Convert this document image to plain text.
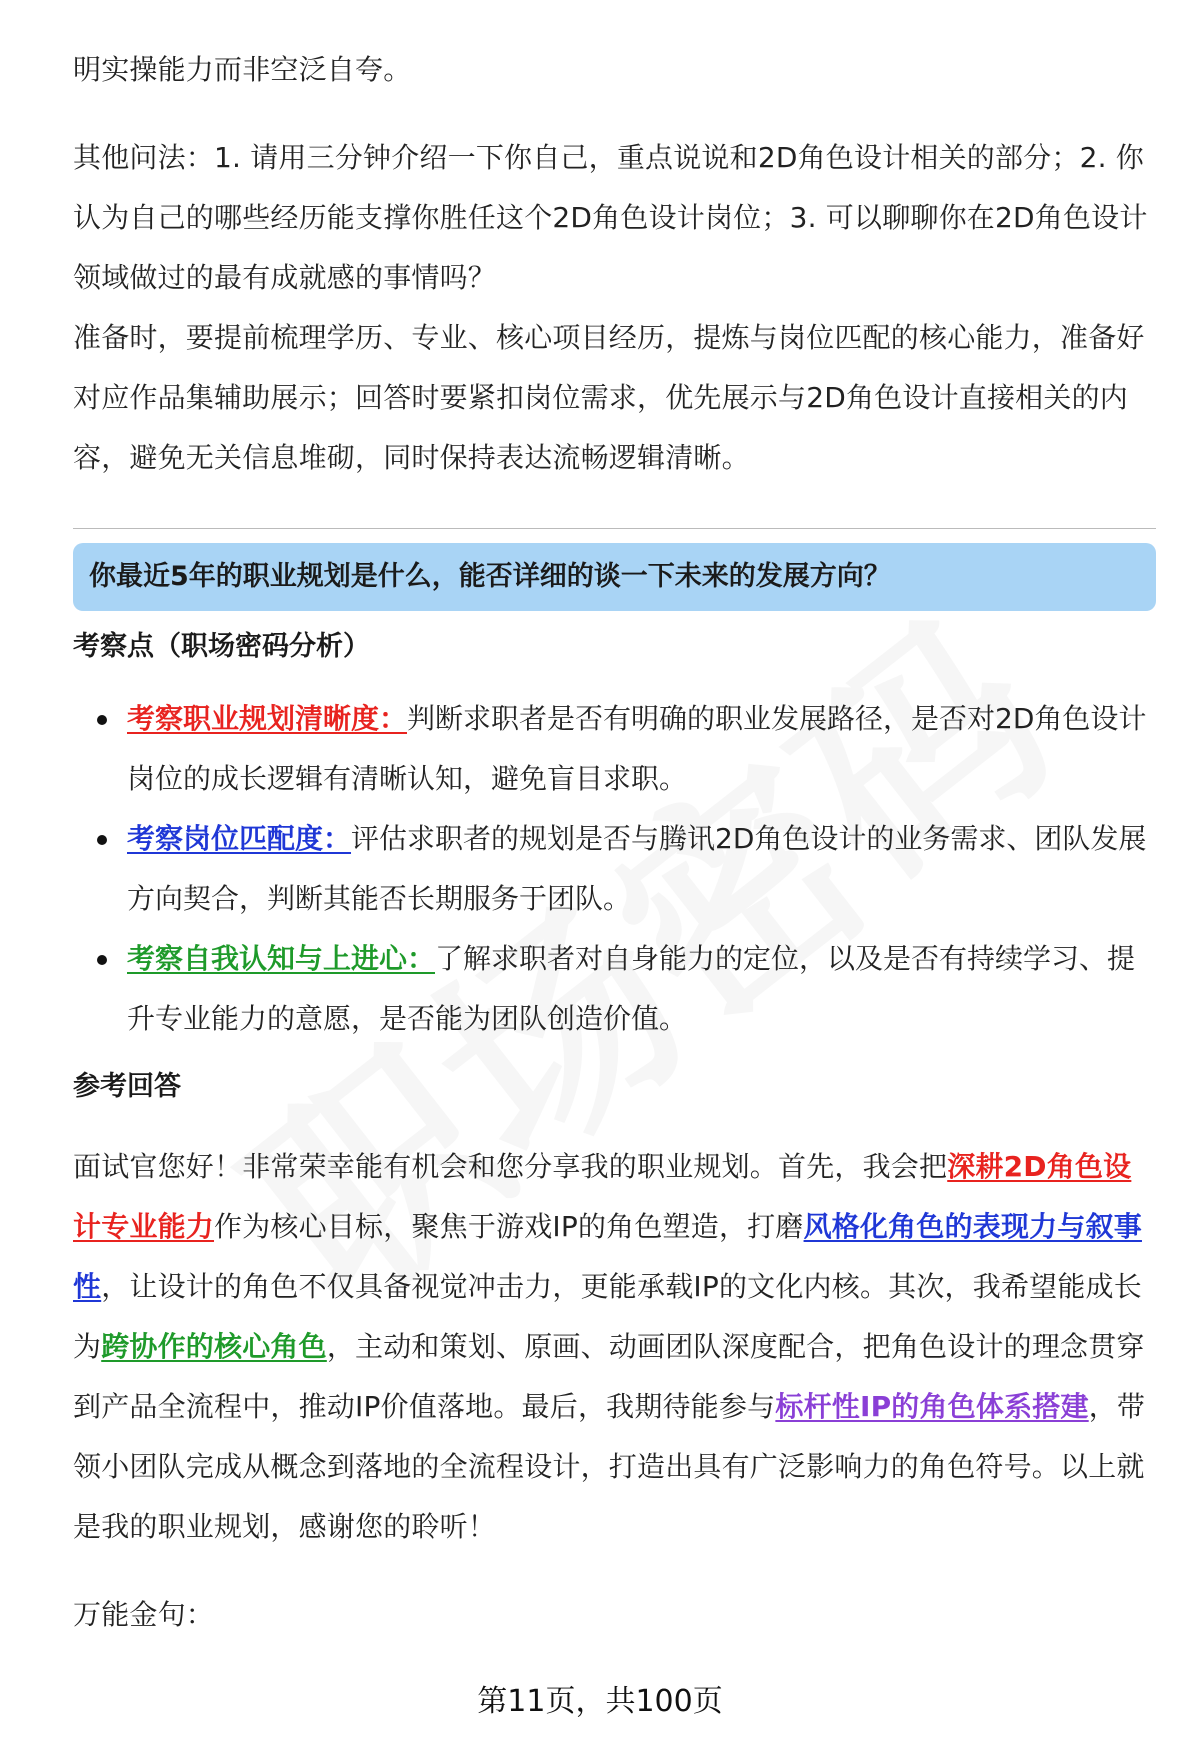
明实操能力而非空泛自夸。

其他问法：1. 请用三分钟介绍一下你自己，重点说说和2D角色设计相关的部分；2. 你认为自己的哪些经历能支撑你胜任这个2D角色设计岗位；3. 可以聊聊你在2D角色设计领域做过的最有成就感的事情吗？

准备时，要提前梳理学历、专业、核心项目经历，提炼与岗位匹配的核心能力，准备好对应作品集辅助展示；回答时要紧扣岗位需求，优先展示与2D角色设计直接相关的内容，避免无关信息堆砌，同时保持表达流畅逻辑清晰。

你最近5年的职业规划是什么，能否详细的谈一下未来的发展方向？
考察点（职场密码分析）
考察职业规划清晰度：判断求职者是否有明确的职业发展路径，是否对2D角色设计岗位的成长逻辑有清晰认知，避免盲目求职。
考察岗位匹配度：评估求职者的规划是否与腾讯2D角色设计的业务需求、团队发展方向契合，判断其能否长期服务于团队。
考察自我认知与上进心：了解求职者对自身能力的定位，以及是否有持续学习、提升专业能力的意愿，是否能为团队创造价值。
参考回答

面试官您好！非常荣幸能有机会和您分享我的职业规划。首先，我会把深耕2D角色设计专业能力作为核心目标，聚焦于游戏IP的角色塑造，打磨风格化角色的表现力与叙事性，让设计的角色不仅具备视觉冲击力，更能承载IP的文化内核。其次，我希望能成长为跨协作的核心角色，主动和策划、原画、动画团队深度配合，把角色设计的理念贯穿到产品全流程中，推动IP价值落地。最后，我期待能参与标杆性IP的角色体系搭建，带领小团队完成从概念到落地的全流程设计，打造出具有广泛影响力的角色符号。以上就是我的职业规划，感谢您的聆听！

万能金句：

第11页，共100页
